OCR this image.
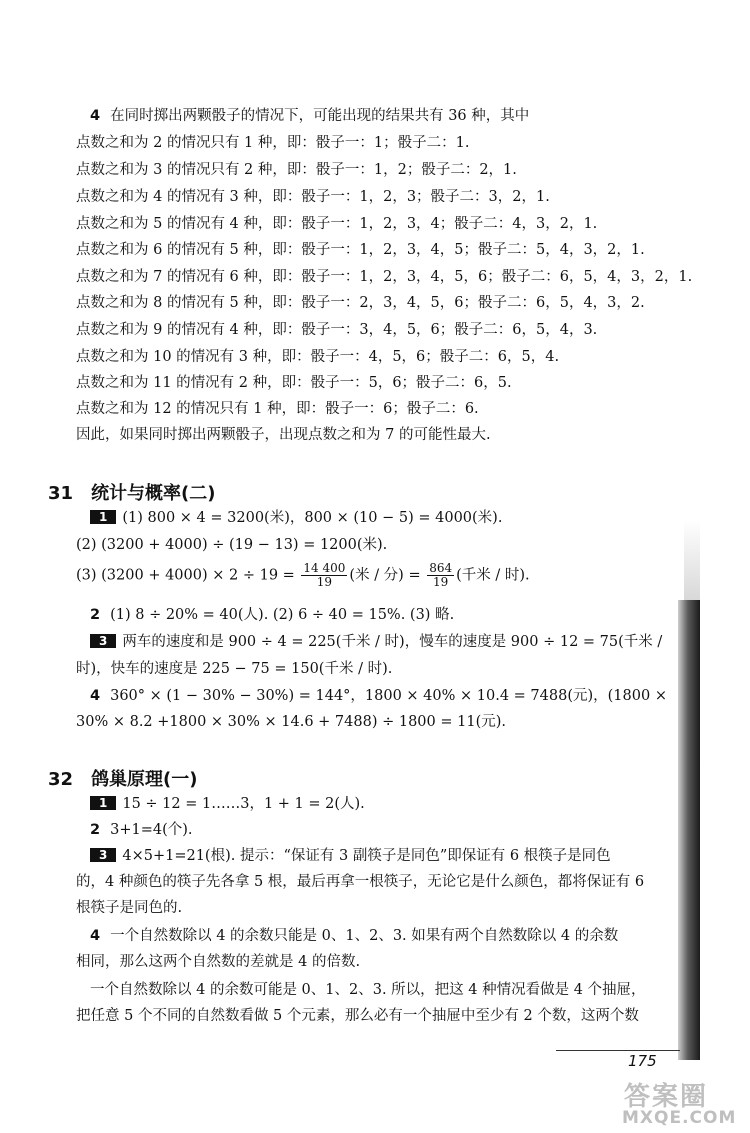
4 在同时掷出两颗骰子的情况下，可能出现的结果共有 36 种，其中
点数之和为 2 的情况只有 1 种，即：骰子一：1；骰子二：1.
点数之和为 3 的情况只有 2 种，即：骰子一：1，2；骰子二：2，1.
点数之和为 4 的情况有 3 种，即：骰子一：1，2，3；骰子二：3，2，1.
点数之和为 5 的情况有 4 种，即：骰子一：1，2，3，4；骰子二：4，3，2，1.
点数之和为 6 的情况有 5 种，即：骰子一：1，2，3，4，5；骰子二：5，4，3，2，1.
点数之和为 7 的情况有 6 种，即：骰子一：1，2，3，4，5，6；骰子二：6，5，4，3，2，1.
点数之和为 8 的情况有 5 种，即：骰子一：2，3，4，5，6；骰子二：6，5，4，3，2.
点数之和为 9 的情况有 4 种，即：骰子一：3，4，5，6；骰子二：6，5，4，3.
点数之和为 10 的情况有 3 种，即：骰子一：4，5，6；骰子二：6，5，4.
点数之和为 11 的情况有 2 种，即：骰子一：5，6；骰子二：6，5.
点数之和为 12 的情况只有 1 种，即：骰子一：6；骰子二：6.
因此，如果同时掷出两颗骰子，出现点数之和为 7 的可能性最大.
31 统计与概率(二)
1 (1) 800 × 4 = 3200(米)，800 × (10 − 5) = 4000(米).
(2) (3200 + 4000) ÷ (19 − 13) = 1200(米).
(3) $(3200 + 4000) \times 2 \div 19 = \frac{14 400}{19}$ (米 / 分) = $\frac{864}{19}$ (千米 / 时).
2 (1) 8 ÷ 20% = 40(人). (2) 6 ÷ 40 = 15%. (3) 略.
3 两车的速度和是 900 ÷ 4 = 225(千米 / 时)，慢车的速度是 900 ÷ 12 = 75(千米 /
时)，快车的速度是 225 − 75 = 150(千米 / 时).
4 360° × (1 − 30% − 30%) = 144°，1800 × 40% × 10.4 = 7488(元)，(1800 ×
30% × 8.2 +1800 × 30% × 14.6 + 7488) ÷ 1800 = 11(元).
32 鸽巢原理(一)
1 15 ÷ 12 = 1……3，1 + 1 = 2(人).
2 3+1=4(个).
3 4×5+1=21(根). 提示：“保证有 3 副筷子是同色”即保证有 6 根筷子是同色
的，4 种颜色的筷子先各拿 5 根，最后再拿一根筷子，无论它是什么颜色，都将保证有 6
根筷子是同色的.
4 一个自然数除以 4 的余数只能是 0、1、2、3. 如果有两个自然数除以 4 的余数
相同，那么这两个自然数的差就是 4 的倍数.
一个自然数除以 4 的余数可能是 0、1、2、3. 所以，把这 4 种情况看做是 4 个抽屉，
把任意 5 个不同的自然数看做 5 个元素，那么必有一个抽屉中至少有 2 个数，这两个数
175
答案圈
MXQE.COM
